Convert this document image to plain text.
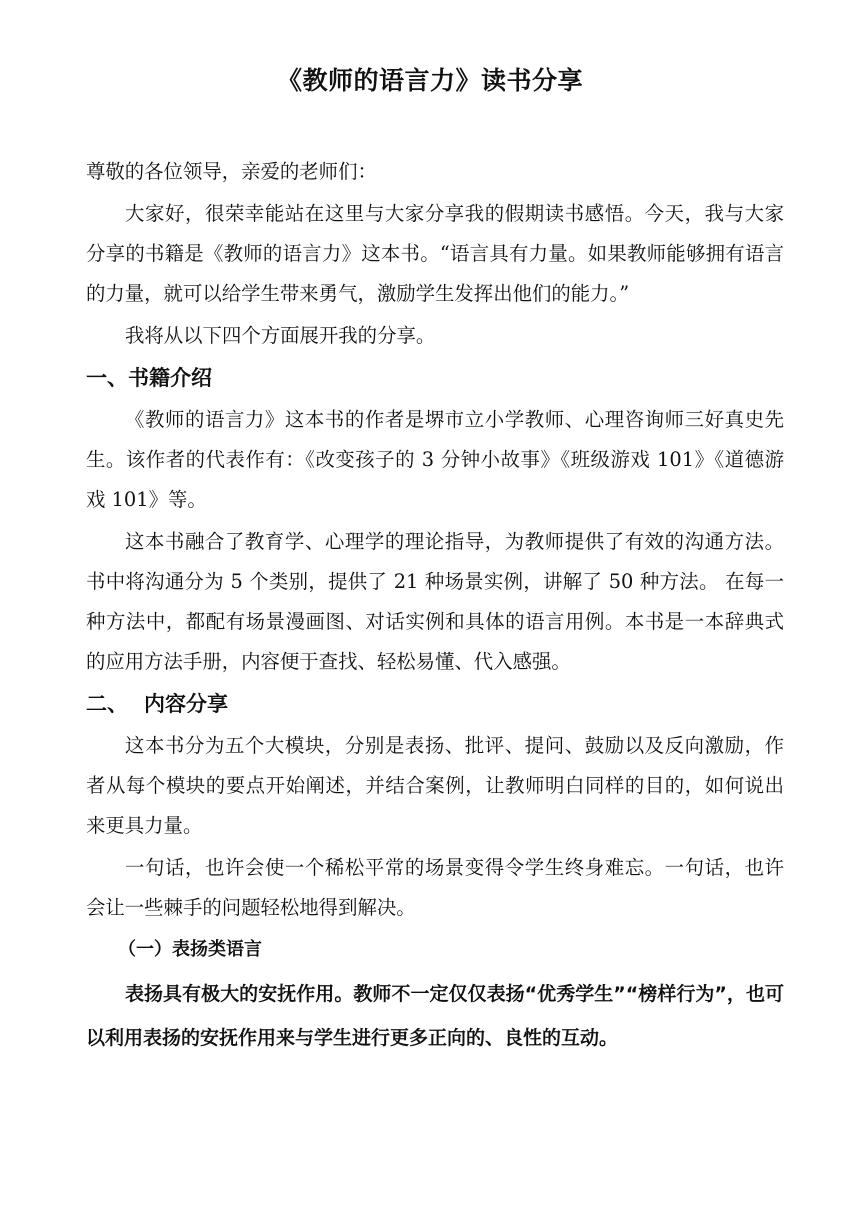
《教师的语言力》读书分享

尊敬的各位领导，亲爱的老师们：

大家好，很荣幸能站在这里与大家分享我的假期读书感悟。今天，我与大家分享的书籍是《教师的语言力》这本书。“语言具有力量。如果教师能够拥有语言的力量，就可以给学生带来勇气，激励学生发挥出他们的能力。”

我将从以下四个方面展开我的分享。

一、书籍介绍

《教师的语言力》这本书的作者是堺市立小学教师、心理咨询师三好真史先生。该作者的代表作有：《改变孩子的 3 分钟小故事》《班级游戏 101》《道德游戏 101》等。

这本书融合了教育学、心理学的理论指导，为教师提供了有效的沟通方法。书中将沟通分为 5 个类别，提供了 21 种场景实例，讲解了 50 种方法。 在每一种方法中，都配有场景漫画图、对话实例和具体的语言用例。本书是一本辞典式的应用方法手册，内容便于查找、轻松易懂、代入感强。

二、 内容分享

这本书分为五个大模块，分别是表扬、批评、提问、鼓励以及反向激励，作者从每个模块的要点开始阐述，并结合案例，让教师明白同样的目的，如何说出来更具力量。

一句话，也许会使一个稀松平常的场景变得令学生终身难忘。一句话，也许会让一些棘手的问题轻松地得到解决。

（一）表扬类语言

表扬具有极大的安抚作用。教师不一定仅仅表扬“优秀学生”“榜样行为”，也可以利用表扬的安抚作用来与学生进行更多正向的、良性的互动。
